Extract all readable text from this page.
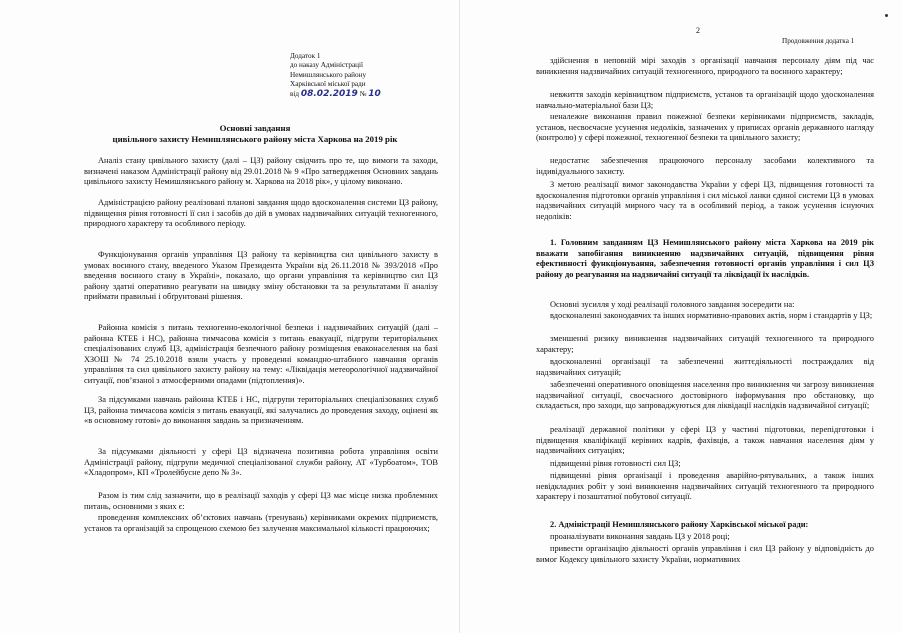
Додаток 1
до наказу Адміністрації
Немишлянського району
Харківської міської ради
від 08.02.2019 № 10

Основні завдання

цивільного захисту Немишлянського району міста Харкова на 2019 рік

Аналіз стану цивільного захисту (далі – ЦЗ) району свідчить про те, що вимоги та заходи, визначені наказом Адміністрації району від 29.01.2018 № 9 «Про затвердження Основних завдань цивільного захисту Немишлянського району м. Харкова на 2018 рік», у цілому виконано.

Адміністрацією району реалізовані планові завдання щодо вдосконалення системи ЦЗ району, підвищення рівня готовності її сил і засобів до дій в умовах надзвичайних ситуацій техногенного, природного характеру та особливого періоду.

Функціонування органів управління ЦЗ району та керівництва сил цивільного захисту в умовах воєнного стану, введеного Указом Президента України від 26.11.2018 № 393/2018 «Про введення воєнного стану в Україні», показало, що органи управління та керівництво сил ЦЗ району здатні оперативно реагувати на швидку зміну обстановки та за результатами її аналізу приймати правильні і обґрунтовані рішення.

Районна комісія з питань техногенно-екологічної безпеки і надзвичайних ситуацій (далі – районна КТЕБ і НС), районна тимчасова комісія з питань евакуації, підгрупи територіальних спеціалізованих служб ЦЗ, адміністрація безпечного району розміщення еваконаселення на базі ХЗОШ № 74 25.10.2018 взяли участь у проведенні командно-штабного навчання органів управління та сил цивільного захисту району на тему: «Ліквідація метеорологічної надзвичайної ситуації, пов’язаної з атмосферними опадами (підтоплення)».

За підсумками навчань районна КТЕБ і НС, підгрупи територіальних спеціалізованих служб ЦЗ, районна тимчасова комісія з питань евакуації, які залучались до проведення заходу, оцінені як «в основному готові» до виконання завдань за призначенням.

За підсумками діяльності у сфері ЦЗ відзначена позитивна робота управління освіти Адміністрації району, підгрупи медичної спеціалізованої служби району, АТ «Турбоатом», ТОВ «Хладопром», КП «Тролейбусне депо № 3».

Разом із тим слід зазначити, що в реалізації заходів у сфері ЦЗ має місце низка проблемних питань, основними з яких є:

проведення комплексних об’єктових навчань (тренувань) керівниками окремих підприємств, установ та організацій за спрощеною схемою без залучення максимальної кількості працюючих;

2
Продовження додатка 1

здійснення в неповній мірі заходів з організації навчання персоналу діям під час виникнення надзвичайних ситуацій техногенного, природного та воєнного характеру;

невжиття заходів керівництвом підприємств, установ та організацій щодо удосконалення навчально-матеріальної бази ЦЗ;

неналежне виконання правил пожежної безпеки керівниками підприємств, закладів, установ, несвоєчасне усунення недоліків, зазначених у приписах органів державного нагляду (контролю) у сфері пожежної, техногенної безпеки та цивільного захисту;

недостатнє забезпечення працюючого персоналу засобами колективного та індивідуального захисту.

З метою реалізації вимог законодавства України у сфері ЦЗ, підвищення готовності та вдосконалення підготовки органів управління і сил міської ланки єдиної системи ЦЗ в умовах надзвичайних ситуацій мирного часу та в особливий період, а також усунення існуючих недоліків:

1. Головним завданням ЦЗ Немишлянського району міста Харкова на 2019 рік вважати запобігання виникненню надзвичайних ситуацій, підвищення рівня ефективності функціонування, забезпечення готовності органів управління і сил ЦЗ району до реагування на надзвичайні ситуації та ліквідації їх наслідків.

Основні зусилля у ході реалізації головного завдання зосередити на:

вдосконаленні законодавчих та інших нормативно-правових актів, норм і стандартів у ЦЗ;

зменшенні ризику виникнення надзвичайних ситуацій техногенного та природного характеру;

вдосконаленні організації та забезпеченні життєдіяльності постраждалих від надзвичайних ситуацій;

забезпеченні оперативного оповіщення населення про виникнення чи загрозу виникнення надзвичайної ситуації, своєчасного достовірного інформування про обстановку, що складається, про заходи, що запроваджуються для ліквідації наслідків надзвичайної ситуації;

реалізації державної політики у сфері ЦЗ у частині підготовки, перепідготовки і підвищення кваліфікації керівних кадрів, фахівців, а також навчання населення діям у надзвичайних ситуаціях;

підвищенні рівня готовності сил ЦЗ;

підвищенні рівня організації і проведення аварійно-рятувальних, а також інших невідкладних робіт у зоні виникнення надзвичайних ситуацій техногенного та природного характеру і позаштатної побутової ситуації.

2. Адміністрації Немишлянського району Харківської міської ради:

проаналізувати виконання завдань ЦЗ у 2018 році;

привести організацію діяльності органів управління і сил ЦЗ району у відповідність до вимог Кодексу цивільного захисту України, нормативних
